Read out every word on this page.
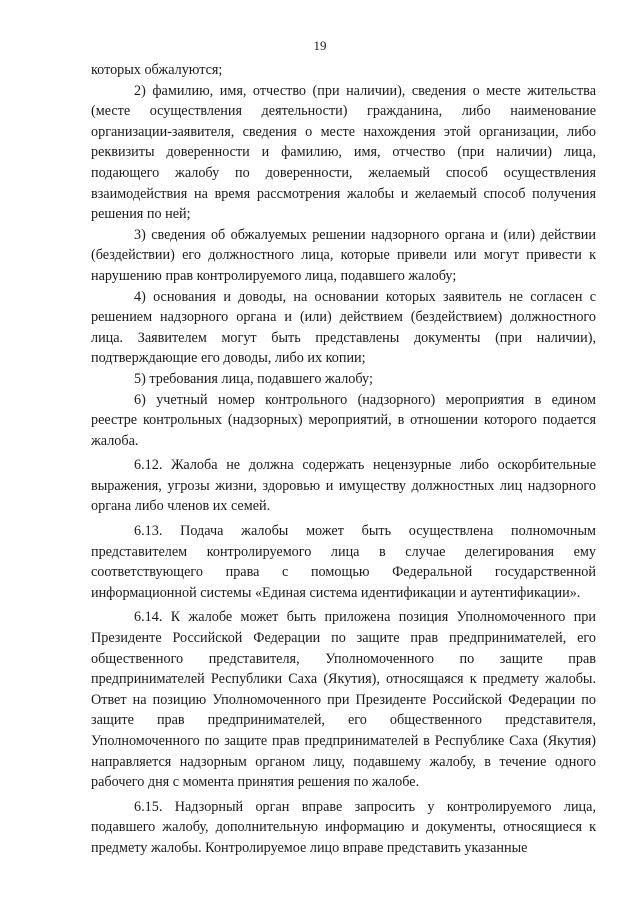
19

которых обжалуются;

2) фамилию, имя, отчество (при наличии), сведения о месте жительства (месте осуществления деятельности) гражданина, либо наименование организации-заявителя, сведения о месте нахождения этой организации, либо реквизиты доверенности и фамилию, имя, отчество (при наличии) лица, подающего жалобу по доверенности, желаемый способ осуществления взаимодействия на время рассмотрения жалобы и желаемый способ получения решения по ней;

3) сведения об обжалуемых решении надзорного органа и (или) действии (бездействии) его должностного лица, которые привели или могут привести к нарушению прав контролируемого лица, подавшего жалобу;

4) основания и доводы, на основании которых заявитель не согласен с решением надзорного органа и (или) действием (бездействием) должностного лица. Заявителем могут быть представлены документы (при наличии), подтверждающие его доводы, либо их копии;

5) требования лица, подавшего жалобу;

6) учетный номер контрольного (надзорного) мероприятия в едином реестре контрольных (надзорных) мероприятий, в отношении которого подается жалоба.

6.12. Жалоба не должна содержать нецензурные либо оскорбительные выражения, угрозы жизни, здоровью и имуществу должностных лиц надзорного органа либо членов их семей.

6.13. Подача жалобы может быть осуществлена полномочным представителем контролируемого лица в случае делегирования ему соответствующего права с помощью Федеральной государственной информационной системы «Единая система идентификации и аутентификации».

6.14. К жалобе может быть приложена позиция Уполномоченного при Президенте Российской Федерации по защите прав предпринимателей, его общественного представителя, Уполномоченного по защите прав предпринимателей Республики Саха (Якутия), относящаяся к предмету жалобы. Ответ на позицию Уполномоченного при Президенте Российской Федерации по защите прав предпринимателей, его общественного представителя, Уполномоченного по защите прав предпринимателей в Республике Саха (Якутия) направляется надзорным органом лицу, подавшему жалобу, в течение одного рабочего дня с момента принятия решения по жалобе.

6.15. Надзорный орган вправе запросить у контролируемого лица, подавшего жалобу, дополнительную информацию и документы, относящиеся к предмету жалобы. Контролируемое лицо вправе представить указанные
